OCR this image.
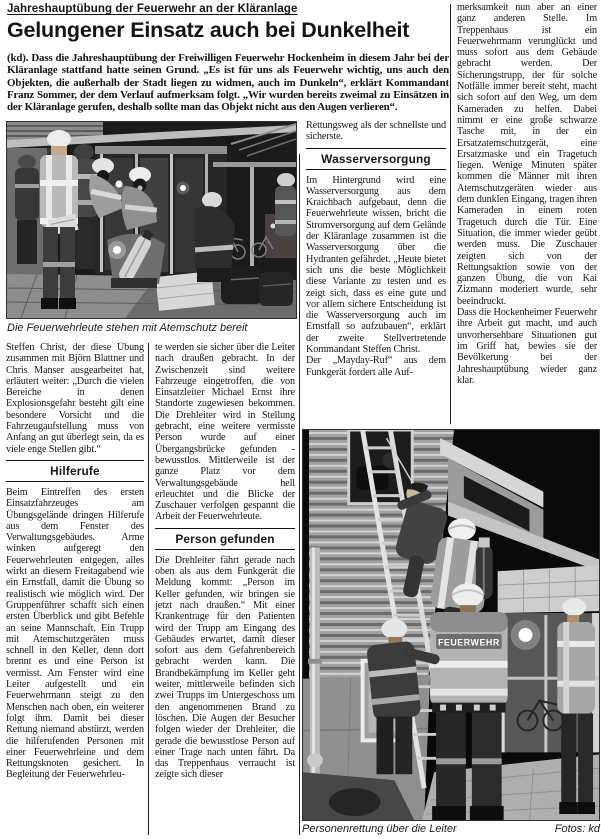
Jahreshauptübung der Feuerwehr an der Kläranlage
Gelungener Einsatz auch bei Dunkelheit

(kd). Dass die Jahreshauptübung der Freiwilligen Feuerwehr Hockenheim in diesem Jahr bei der Kläranlage stattfand hatte seinen Grund. „Es ist für uns als Feuerwehr wichtig, uns auch den Objekten, die außerhalb der Stadt liegen zu widmen, auch im Dunkeln“, erklärt Kommandant Franz Sommer, der dem Verlauf aufmerksam folgt. „Wir wurden bereits zweimal zu Einsätzen in der Kläranlage gerufen, deshalb sollte man das Objekt nicht aus den Augen verlieren“.

Die Feuerwehrleute stehen mit Atemschutz bereit

Steffen Christ, der diese Übung zusammen mit Björn Blattner und Chris Manser ausgearbeitet hat, erläutert weiter: „Durch die vielen Bereiche in denen Explosionsgefahr besteht gilt eine besondere Vorsicht und die Fahrzeugaufstellung muss von Anfang an gut überlegt sein, da es viele enge Stellen gibt.“

Hilferufe

Beim Eintreffen des ersten Einsatzfahrzeuges am Übungsgelände dringen Hilferufe aus dem Fenster des Verwaltungsgebäudes. Arme winken aufgeregt den Feuerwehrleuten entgegen, alles wirkt an diesem Freitagabend wie ein Ernstfall, damit die Übung so realistisch wie möglich wird. Der Gruppenführer schafft sich einen ersten Überblick und gibt Befehle an seine Mannschaft. Ein Trupp mit Atemschutzgeräten muss schnell in den Keller, denn dort brennt es und eine Person ist vermisst. Am Fenster wird eine Leiter aufgestellt und ein Feuerwehrmann steigt zu den Menschen nach oben, ein weiterer folgt ihm. Damit bei dieser Rettung niemand abstürzt, werden die hilferufenden Personen mit einer Feuerwehrleine und dem Rettungsknoten gesichert. In Begleitung der Feuerwehrleu-

te werden sie sicher über die Leiter nach draußen gebracht. In der Zwischenzeit sind weitere Fahrzeuge eingetroffen, die von Einsatzleiter Michael Ernst ihre Standorte zugewiesen bekommen. Die Drehleiter wird in Stellung gebracht, eine weitere vermisste Person wurde auf einer Übergangsbrücke gefunden - bewusstlos. Mittlerweile ist der ganze Platz vor dem Verwaltungsgebäude hell erleuchtet und die Blicke der Zuschauer verfolgen gespannt die Arbeit der Feuerwehrleute.

Person gefunden

Die Drehleiter fährt gerade nach oben als aus dem Funkgerät die Meldung kommt: „Person im Keller gefunden, wir bringen sie jetzt nach draußen.“ Mit einer Krankentrage für den Patienten wird der Trupp am Eingang des Gebäudes erwartet, damit dieser sofort aus dem Gefahrenbereich gebracht werden kann. Die Brandbekämpfung im Keller geht weiter, mittlerweile befinden sich zwei Trupps im Untergeschoss um den angenommenen Brand zu löschen. Die Augen der Besucher folgen wieder der Drehleiter, die gerade die bewusstlose Person auf einer Trage nach unten fährt. Da das Treppenhaus verraucht ist zeigte sich dieser

Rettungsweg als der schnellste und sicherste.

Wasserversorgung

Im Hintergrund wird eine Wasserversorgung aus dem Kraichbach aufgebaut, denn die Feuerwehrleute wissen, bricht die Stromversorgung auf dem Gelände der Kläranlage zusammen ist die Wasserversorgung über die Hydranten gefährdet. „Heute bietet sich uns die beste Möglichkeit diese Variante zu testen und es zeigt sich, dass es eine gute und vor allem sichere Entscheidung ist die Wasserversorgung auch im Ernstfall so aufzubauen“, erklärt der zweite Stellvertretende Kommandant Steffen Christ.

Der „Mayday-Ruf“ aus dem Funkgerät fordert alle Auf-

merksamkeit nun aber an einer ganz anderen Stelle. Im Treppenhaus ist ein Feuerwehrmann verunglückt und muss sofort aus dem Gebäude gebracht werden. Der Sicherungstrupp, der für solche Notfälle immer bereit steht, macht sich sofort auf den Weg, um dem Kameraden zu helfen. Dabei nimmt er eine große schwarze Tasche mit, in der ein Ersatzatemschutzgerät, eine Ersatzmaske und ein Tragetuch liegen. Wenige Minuten später kommen die Männer mit ihren Atemschutzgeräten wieder aus dem dunklen Eingang, tragen ihren Kameraden in einem roten Tragetuch durch die Tür. Eine Situation, die immer wieder geübt werden muss. Die Zuschauer zeigten sich von der Rettungsaktion sowie von der ganzen Übung, die von Kai Zizmann moderiert wurde, sehr beeindruckt.

Dass die Hockenheimer Feuerwehr ihre Arbeit gut macht, und auch unvorhersehbare Situationen gut im Griff hat, bewies sie der Bevölkerung bei der Jahreshauptübung wieder ganz klar.

FEUERWEHR
Personenrettung über die Leiter	Fotos: kd
